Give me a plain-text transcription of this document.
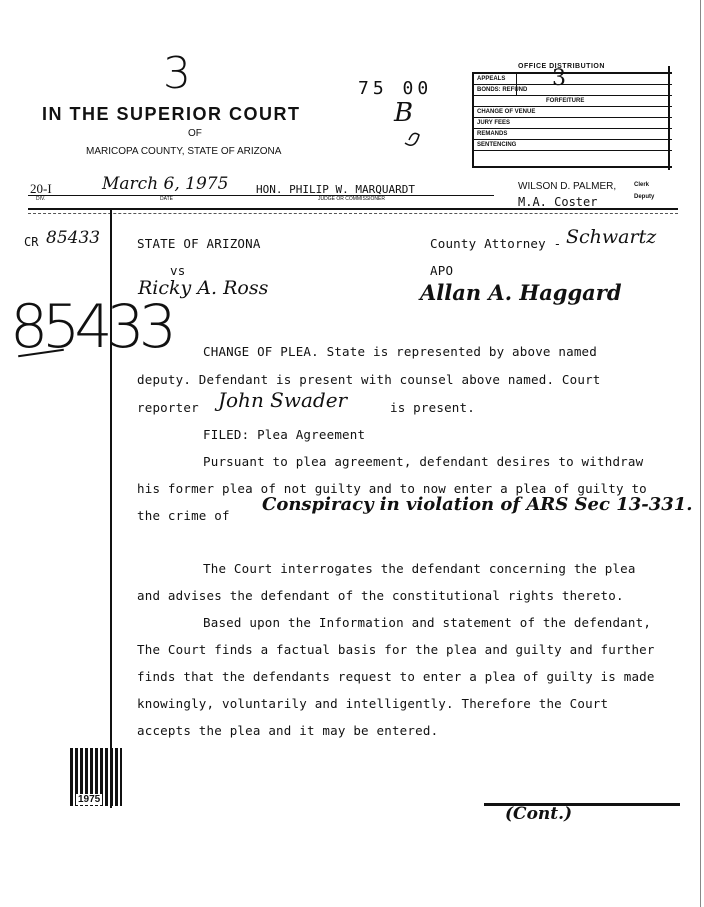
3	75 00
IN THE SUPERIOR COURT
OF
MARICOPA COUNTY, STATE OF ARIZONA
B
OFFICE DISTRIBUTION
APPEALS
BONDS: REFUND
FORFEITURE
CHANGE OF VENUE
JURY FEES
REMANDS
SENTENCING
3
20-I
DIV.
March 6, 1975
DATE
HON. PHILIP W. MARQUARDT
JUDGE OR COMMISSIONER
WILSON D. PALMER,	Clerk
M.A. Coster	Deputy
CR 85433
85433
STATE OF ARIZONA
vs
Ricky A. Ross
County Attorney - Schwartz
APO
Allan A. Haggard
CHANGE OF PLEA. State is represented by above named
deputy. Defendant is present with counsel above named. Court
reporter John Swader	is present.
FILED: Plea Agreement
Pursuant to plea agreement, defendant desires to withdraw
his former plea of not guilty and to now enter a plea of guilty to
the crime of
Conspiracy in violation of ARS Sec 13-331.
The Court interrogates the defendant concerning the plea
and advises the defendant of the constitutional rights thereto.
Based upon the Information and statement of the defendant,
The Court finds a factual basis for the plea and guilty and further
finds that the defendants request to enter a plea of guilty is made
knowingly, voluntarily and intelligently. Therefore the Court
accepts the plea and it may be entered.
1975
(Cont.)
